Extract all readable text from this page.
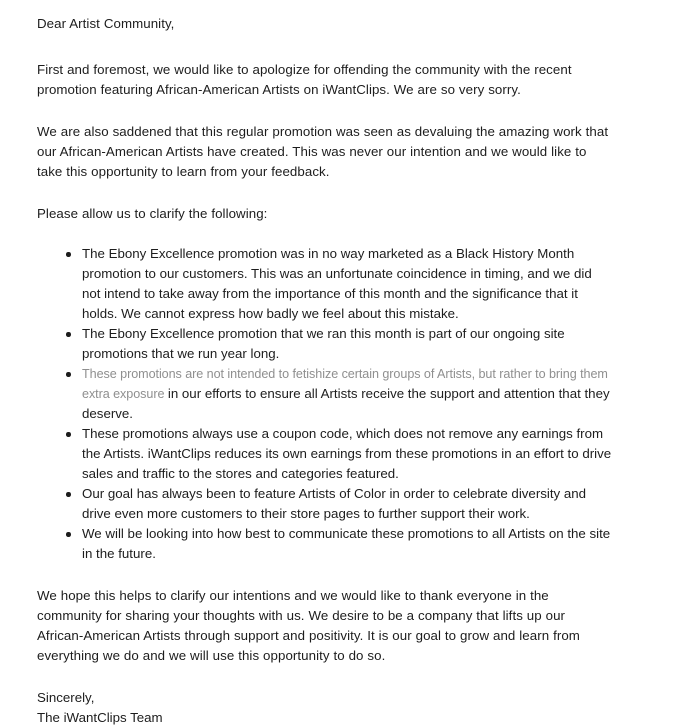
Dear Artist Community,

First and foremost, we would like to apologize for offending the community with the recent promotion featuring African-American Artists on iWantClips. We are so very sorry.

We are also saddened that this regular promotion was seen as devaluing the amazing work that our African-American Artists have created. This was never our intention and we would like to take this opportunity to learn from your feedback.

Please allow us to clarify the following:

The Ebony Excellence promotion was in no way marketed as a Black History Month promotion to our customers. This was an unfortunate coincidence in timing, and we did not intend to take away from the importance of this month and the significance that it holds. We cannot express how badly we feel about this mistake.
The Ebony Excellence promotion that we ran this month is part of our ongoing site promotions that we run year long.
These promotions are not intended to fetishize certain groups of Artists, but rather to bring them extra exposure in our efforts to ensure all Artists receive the support and attention that they deserve.
These promotions always use a coupon code, which does not remove any earnings from the Artists. iWantClips reduces its own earnings from these promotions in an effort to drive sales and traffic to the stores and categories featured.
Our goal has always been to feature Artists of Color in order to celebrate diversity and drive even more customers to their store pages to further support their work.
We will be looking into how best to communicate these promotions to all Artists on the site in the future.

We hope this helps to clarify our intentions and we would like to thank everyone in the community for sharing your thoughts with us. We desire to be a company that lifts up our African-American Artists through support and positivity. It is our goal to grow and learn from everything we do and we will use this opportunity to do so.

Sincerely,

The iWantClips Team
